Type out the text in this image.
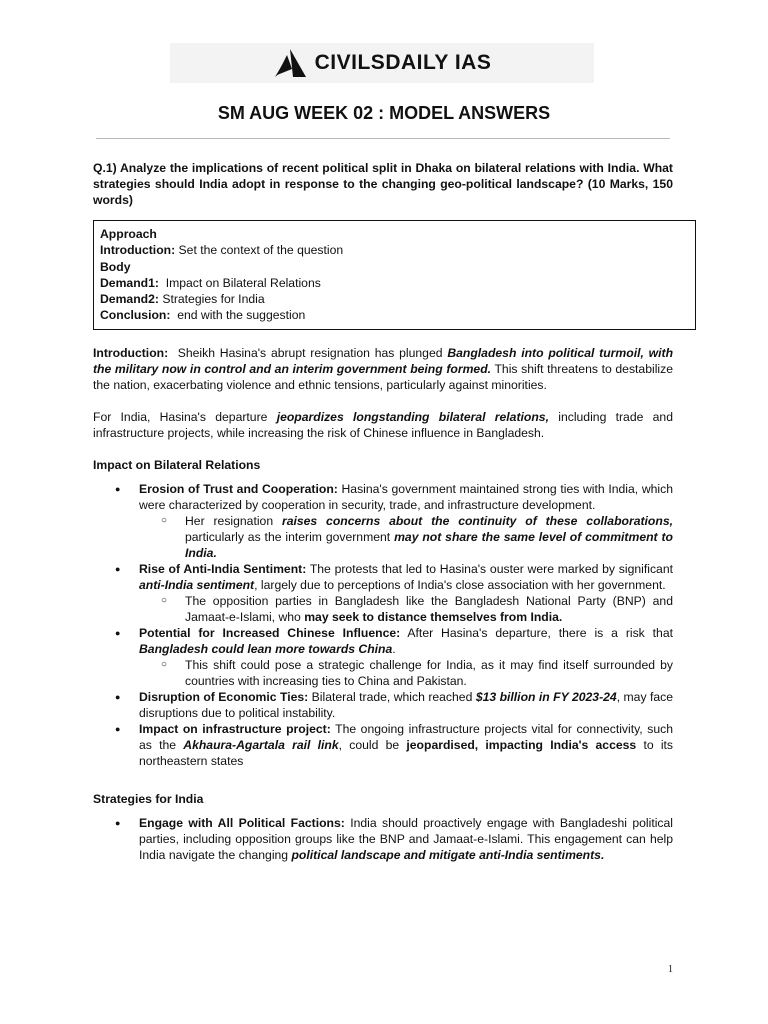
CIVILSDAILY IAS
SM AUG WEEK 02 : MODEL ANSWERS

Q.1) Analyze the implications of recent political split in Dhaka on bilateral relations with India. What strategies should India adopt in response to the changing geo-political landscape? (10 Marks, 150 words)

Approach
Introduction: Set the context of the question
Body
Demand1: Impact on Bilateral Relations
Demand2: Strategies for India
Conclusion: end with the suggestion

Introduction: Sheikh Hasina's abrupt resignation has plunged Bangladesh into political turmoil, with the military now in control and an interim government being formed. This shift threatens to destabilize the nation, exacerbating violence and ethnic tensions, particularly against minorities.

For India, Hasina's departure jeopardizes longstanding bilateral relations, including trade and infrastructure projects, while increasing the risk of Chinese influence in Bangladesh.

Impact on Bilateral Relations

● Erosion of Trust and Cooperation: Hasina's government maintained strong ties with India, which were characterized by cooperation in security, trade, and infrastructure development.
○ Her resignation raises concerns about the continuity of these collaborations, particularly as the interim government may not share the same level of commitment to India.
● Rise of Anti-India Sentiment: The protests that led to Hasina's ouster were marked by significant anti-India sentiment, largely due to perceptions of India's close association with her government.
○ The opposition parties in Bangladesh like the Bangladesh National Party (BNP) and Jamaat-e-Islami, who may seek to distance themselves from India.
● Potential for Increased Chinese Influence: After Hasina's departure, there is a risk that Bangladesh could lean more towards China.
○ This shift could pose a strategic challenge for India, as it may find itself surrounded by countries with increasing ties to China and Pakistan.
● Disruption of Economic Ties: Bilateral trade, which reached $13 billion in FY 2023-24, may face disruptions due to political instability.
● Impact on infrastructure project: The ongoing infrastructure projects vital for connectivity, such as the Akhaura-Agartala rail link, could be jeopardised, impacting India's access to its northeastern states

Strategies for India

● Engage with All Political Factions: India should proactively engage with Bangladeshi political parties, including opposition groups like the BNP and Jamaat-e-Islami. This engagement can help India navigate the changing political landscape and mitigate anti-India sentiments.
1
